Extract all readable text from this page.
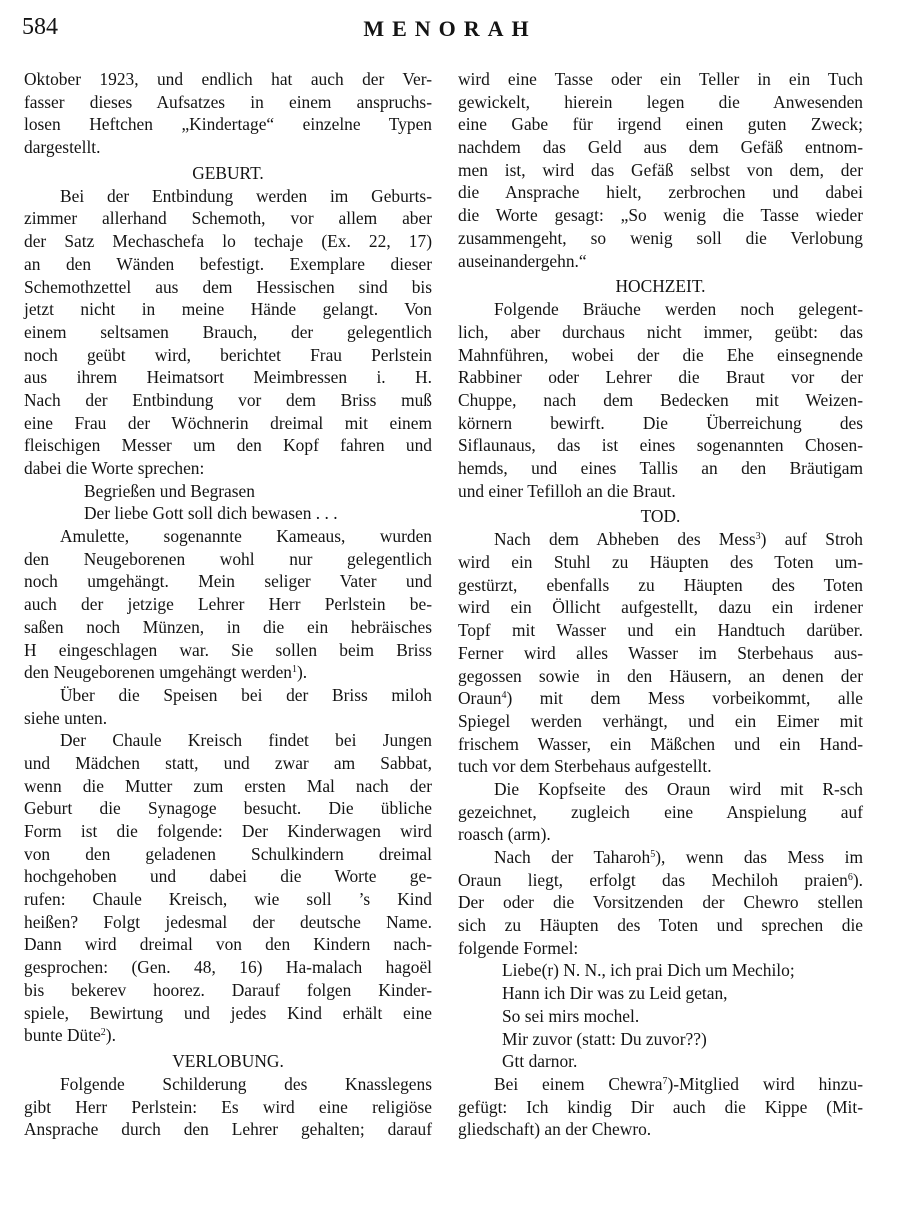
584	MENORAH
Oktober 1923, und endlich hat auch der Ver-
fasser dieses Aufsatzes in einem anspruchs-
losen Heftchen „Kindertage“ einzelne Typen
dargestellt.
GEBURT.
Bei der Entbindung werden im Geburts-
zimmer allerhand Schemoth, vor allem aber
der Satz Mechaschefa lo techaje (Ex. 22, 17)
an den Wänden befestigt. Exemplare dieser
Schemothzettel aus dem Hessischen sind bis
jetzt nicht in meine Hände gelangt. Von
einem seltsamen Brauch, der gelegentlich
noch geübt wird, berichtet Frau Perlstein
aus ihrem Heimatsort Meimbressen i. H.
Nach der Entbindung vor dem Briss muß
eine Frau der Wöchnerin dreimal mit einem
fleischigen Messer um den Kopf fahren und
dabei die Worte sprechen:
Begrießen und Begrasen
Der liebe Gott soll dich bewasen . . .
Amulette, sogenannte Kameaus, wurden
den Neugeborenen wohl nur gelegentlich
noch umgehängt. Mein seliger Vater und
auch der jetzige Lehrer Herr Perlstein be-
saßen noch Münzen, in die ein hebräisches
H eingeschlagen war. Sie sollen beim Briss
den Neugeborenen umgehängt werden$^1$).
Über die Speisen bei der Briss miloh
siehe unten.
Der Chaule Kreisch findet bei Jungen
und Mädchen statt, und zwar am Sabbat,
wenn die Mutter zum ersten Mal nach der
Geburt die Synagoge besucht. Die übliche
Form ist die folgende: Der Kinderwagen wird
von den geladenen Schulkindern dreimal
hochgehoben und dabei die Worte ge-
rufen: Chaule Kreisch, wie soll ’s Kind
heißen? Folgt jedesmal der deutsche Name.
Dann wird dreimal von den Kindern nach-
gesprochen: (Gen. 48, 16) Ha-malach hagoël
bis bekerev hoorez. Darauf folgen Kinder-
spiele, Bewirtung und jedes Kind erhält eine
bunte Düte$^2$).
VERLOBUNG.
Folgende Schilderung des Knasslegens
gibt Herr Perlstein: Es wird eine religiöse
Ansprache durch den Lehrer gehalten; darauf
wird eine Tasse oder ein Teller in ein Tuch
gewickelt, hierein legen die Anwesenden
eine Gabe für irgend einen guten Zweck;
nachdem das Geld aus dem Gefäß entnom-
men ist, wird das Gefäß selbst von dem, der
die Ansprache hielt, zerbrochen und dabei
die Worte gesagt: „So wenig die Tasse wieder
zusammengeht, so wenig soll die Verlobung
auseinandergehn.“
HOCHZEIT.
Folgende Bräuche werden noch gelegent-
lich, aber durchaus nicht immer, geübt: das
Mahnführen, wobei der die Ehe einsegnende
Rabbiner oder Lehrer die Braut vor der
Chuppe, nach dem Bedecken mit Weizen-
körnern bewirft. Die Überreichung des
Siflaunaus, das ist eines sogenannten Chosen-
hemds, und eines Tallis an den Bräutigam
und einer Tefilloh an die Braut.
TOD.
Nach dem Abheben des Mess$^3$) auf Stroh
wird ein Stuhl zu Häupten des Toten um-
gestürzt, ebenfalls zu Häupten des Toten
wird ein Öllicht aufgestellt, dazu ein irdener
Topf mit Wasser und ein Handtuch darüber.
Ferner wird alles Wasser im Sterbehaus aus-
gegossen sowie in den Häusern, an denen der
Oraun$^4$) mit dem Mess vorbeikommt, alle
Spiegel werden verhängt, und ein Eimer mit
frischem Wasser, ein Mäßchen und ein Hand-
tuch vor dem Sterbehaus aufgestellt.
Die Kopfseite des Oraun wird mit R-sch
gezeichnet, zugleich eine Anspielung auf
roasch (arm).
Nach der Taharoh$^5$), wenn das Mess im
Oraun liegt, erfolgt das Mechiloh praien$^6$).
Der oder die Vorsitzenden der Chewro stellen
sich zu Häupten des Toten und sprechen die
folgende Formel:
Liebe(r) N. N., ich prai Dich um Mechilo;
Hann ich Dir was zu Leid getan,
So sei mirs mochel.
Mir zuvor (statt: Du zuvor??)
Gtt darnor.
Bei einem Chewra$^7$)-Mitglied wird hinzu-
gefügt: Ich kindig Dir auch die Kippe (Mit-
gliedschaft) an der Chewro.
